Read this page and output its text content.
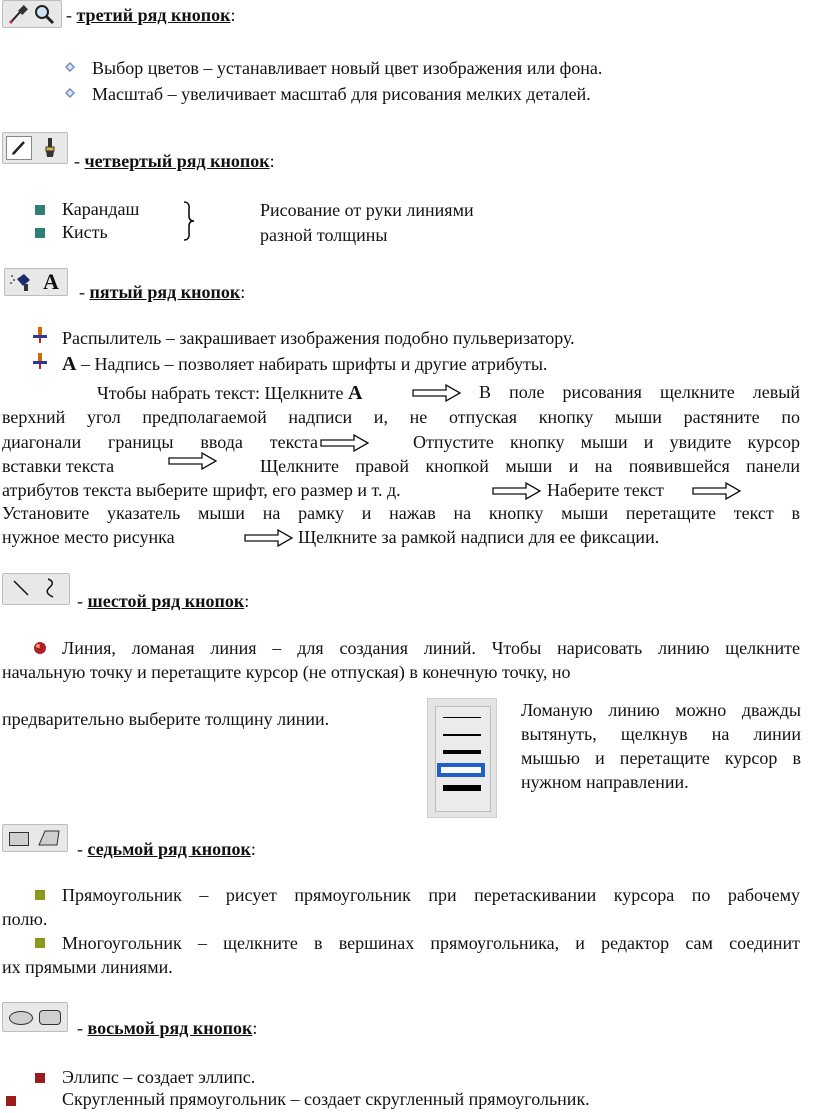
- третий ряд кнопок:
Выбор цветов – устанавливает новый цвет изображения или фона.
Масштаб – увеличивает масштаб для рисования мелких деталей.
- четвертый ряд кнопок:
Карандаш
Кисть
Рисование от руки линиями
разной толщины
A - пятый ряд кнопок:
Распылитель – закрашивает изображения подобно пульверизатору.
А – Надпись – позволяет набирать шрифты и другие атрибуты.
Чтобы набрать текст: Щелкните А	В поле рисования щелкните левый
верхний угол предполагаемой надписи и, не отпуская кнопку мыши растяните по
диагонали границы ввода текста	Отпустите кнопку мыши и увидите курсор
вставки текста	Щелкните правой кнопкой мыши и на появившейся панели
атрибутов текста выберите шрифт, его размер и т. д.	Наберите текст
Установите указатель мыши на рамку и нажав на кнопку мыши перетащите текст в
нужное место рисунка	Щелкните за рамкой надписи для ее фиксации.
- шестой ряд кнопок:
Линия, ломаная линия – для создания линий. Чтобы нарисовать линию щелкните
начальную точку и перетащите курсор (не отпуская) в конечную точку, но
предварительно выберите толщину линии.	Ломаную линию можно дважды
вытянуть, щелкнув на линии
мышью и перетащите курсор в
нужном направлении.
- седьмой ряд кнопок:
Прямоугольник – рисует прямоугольник при перетаскивании курсора по рабочему
полю.
Многоугольник – щелкните в вершинах прямоугольника, и редактор сам соединит
их прямыми линиями.
- восьмой ряд кнопок:
Эллипс – создает эллипс.
Скругленный прямоугольник – создает скругленный прямоугольник.
